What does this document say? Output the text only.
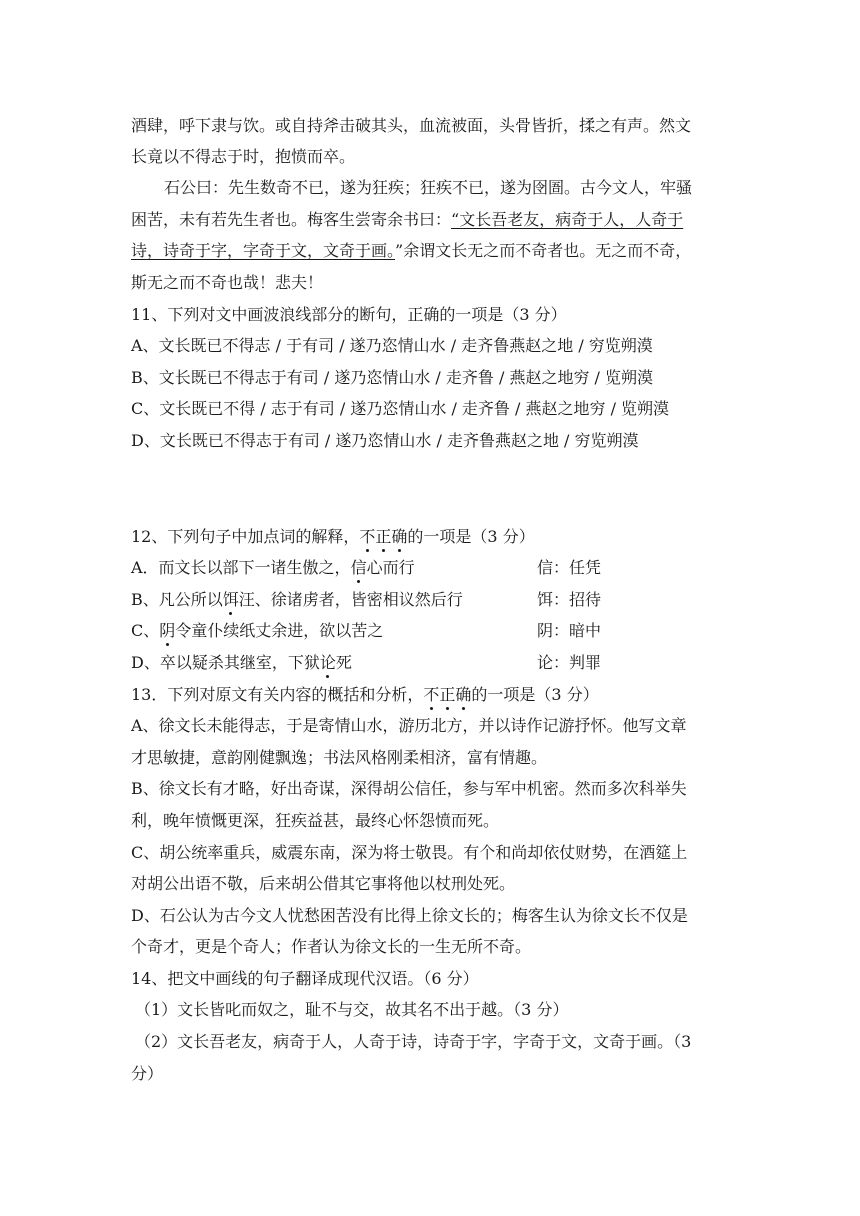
酒肆，呼下隶与饮。或自持斧击破其头，血流被面，头骨皆折，揉之有声。然文
长竟以不得志于时，抱愤而卒。
石公曰：先生数奇不已，遂为狂疾；狂疾不已，遂为囹圄。古今文人，牢骚
困苦，未有若先生者也。梅客生尝寄余书曰：“文长吾老友，病奇于人，人奇于
诗，诗奇于字，字奇于文，文奇于画。”余谓文长无之而不奇者也。无之而不奇，
斯无之而不奇也哉！悲夫！
11、下列对文中画波浪线部分的断句，正确的一项是（3 分）
A、文长既已不得志 / 于有司 / 遂乃恣情山水 / 走齐鲁燕赵之地 / 穷览朔漠
B、文长既已不得志于有司 / 遂乃恣情山水 / 走齐鲁 / 燕赵之地穷 / 览朔漠
C、文长既已不得 / 志于有司 / 遂乃恣情山水 / 走齐鲁 / 燕赵之地穷 / 览朔漠
D、文长既已不得志于有司 / 遂乃恣情山水 / 走齐鲁燕赵之地 / 穷览朔漠
12、下列句子中加点词的解释，不正确的一项是（3 分）
A．而文长以部下一诸生傲之，信心而行	信：任凭
B、凡公所以饵汪、徐诸虏者，皆密相议然后行	饵：招待
C、阴令童仆续纸丈余进，欲以苦之	阴：暗中
D、卒以疑杀其继室，下狱论死	论：判罪
13．下列对原文有关内容的概括和分析，不正确的一项是（3 分）
A、徐文长未能得志，于是寄情山水，游历北方，并以诗作记游抒怀。他写文章
才思敏捷，意韵刚健飘逸；书法风格刚柔相济，富有情趣。
B、徐文长有才略，好出奇谋，深得胡公信任，参与军中机密。然而多次科举失
利，晚年愤慨更深，狂疾益甚，最终心怀怨愤而死。
C、胡公统率重兵，威震东南，深为将士敬畏。有个和尚却依仗财势，在酒筵上
对胡公出语不敬，后来胡公借其它事将他以杖刑处死。
D、石公认为古今文人忧愁困苦没有比得上徐文长的；梅客生认为徐文长不仅是
个奇才，更是个奇人；作者认为徐文长的一生无所不奇。
14、把文中画线的句子翻译成现代汉语。（6 分）
（1）文长皆叱而奴之，耻不与交，故其名不出于越。（3 分）
（2）文长吾老友，病奇于人，人奇于诗，诗奇于字，字奇于文，文奇于画。（3
分）
